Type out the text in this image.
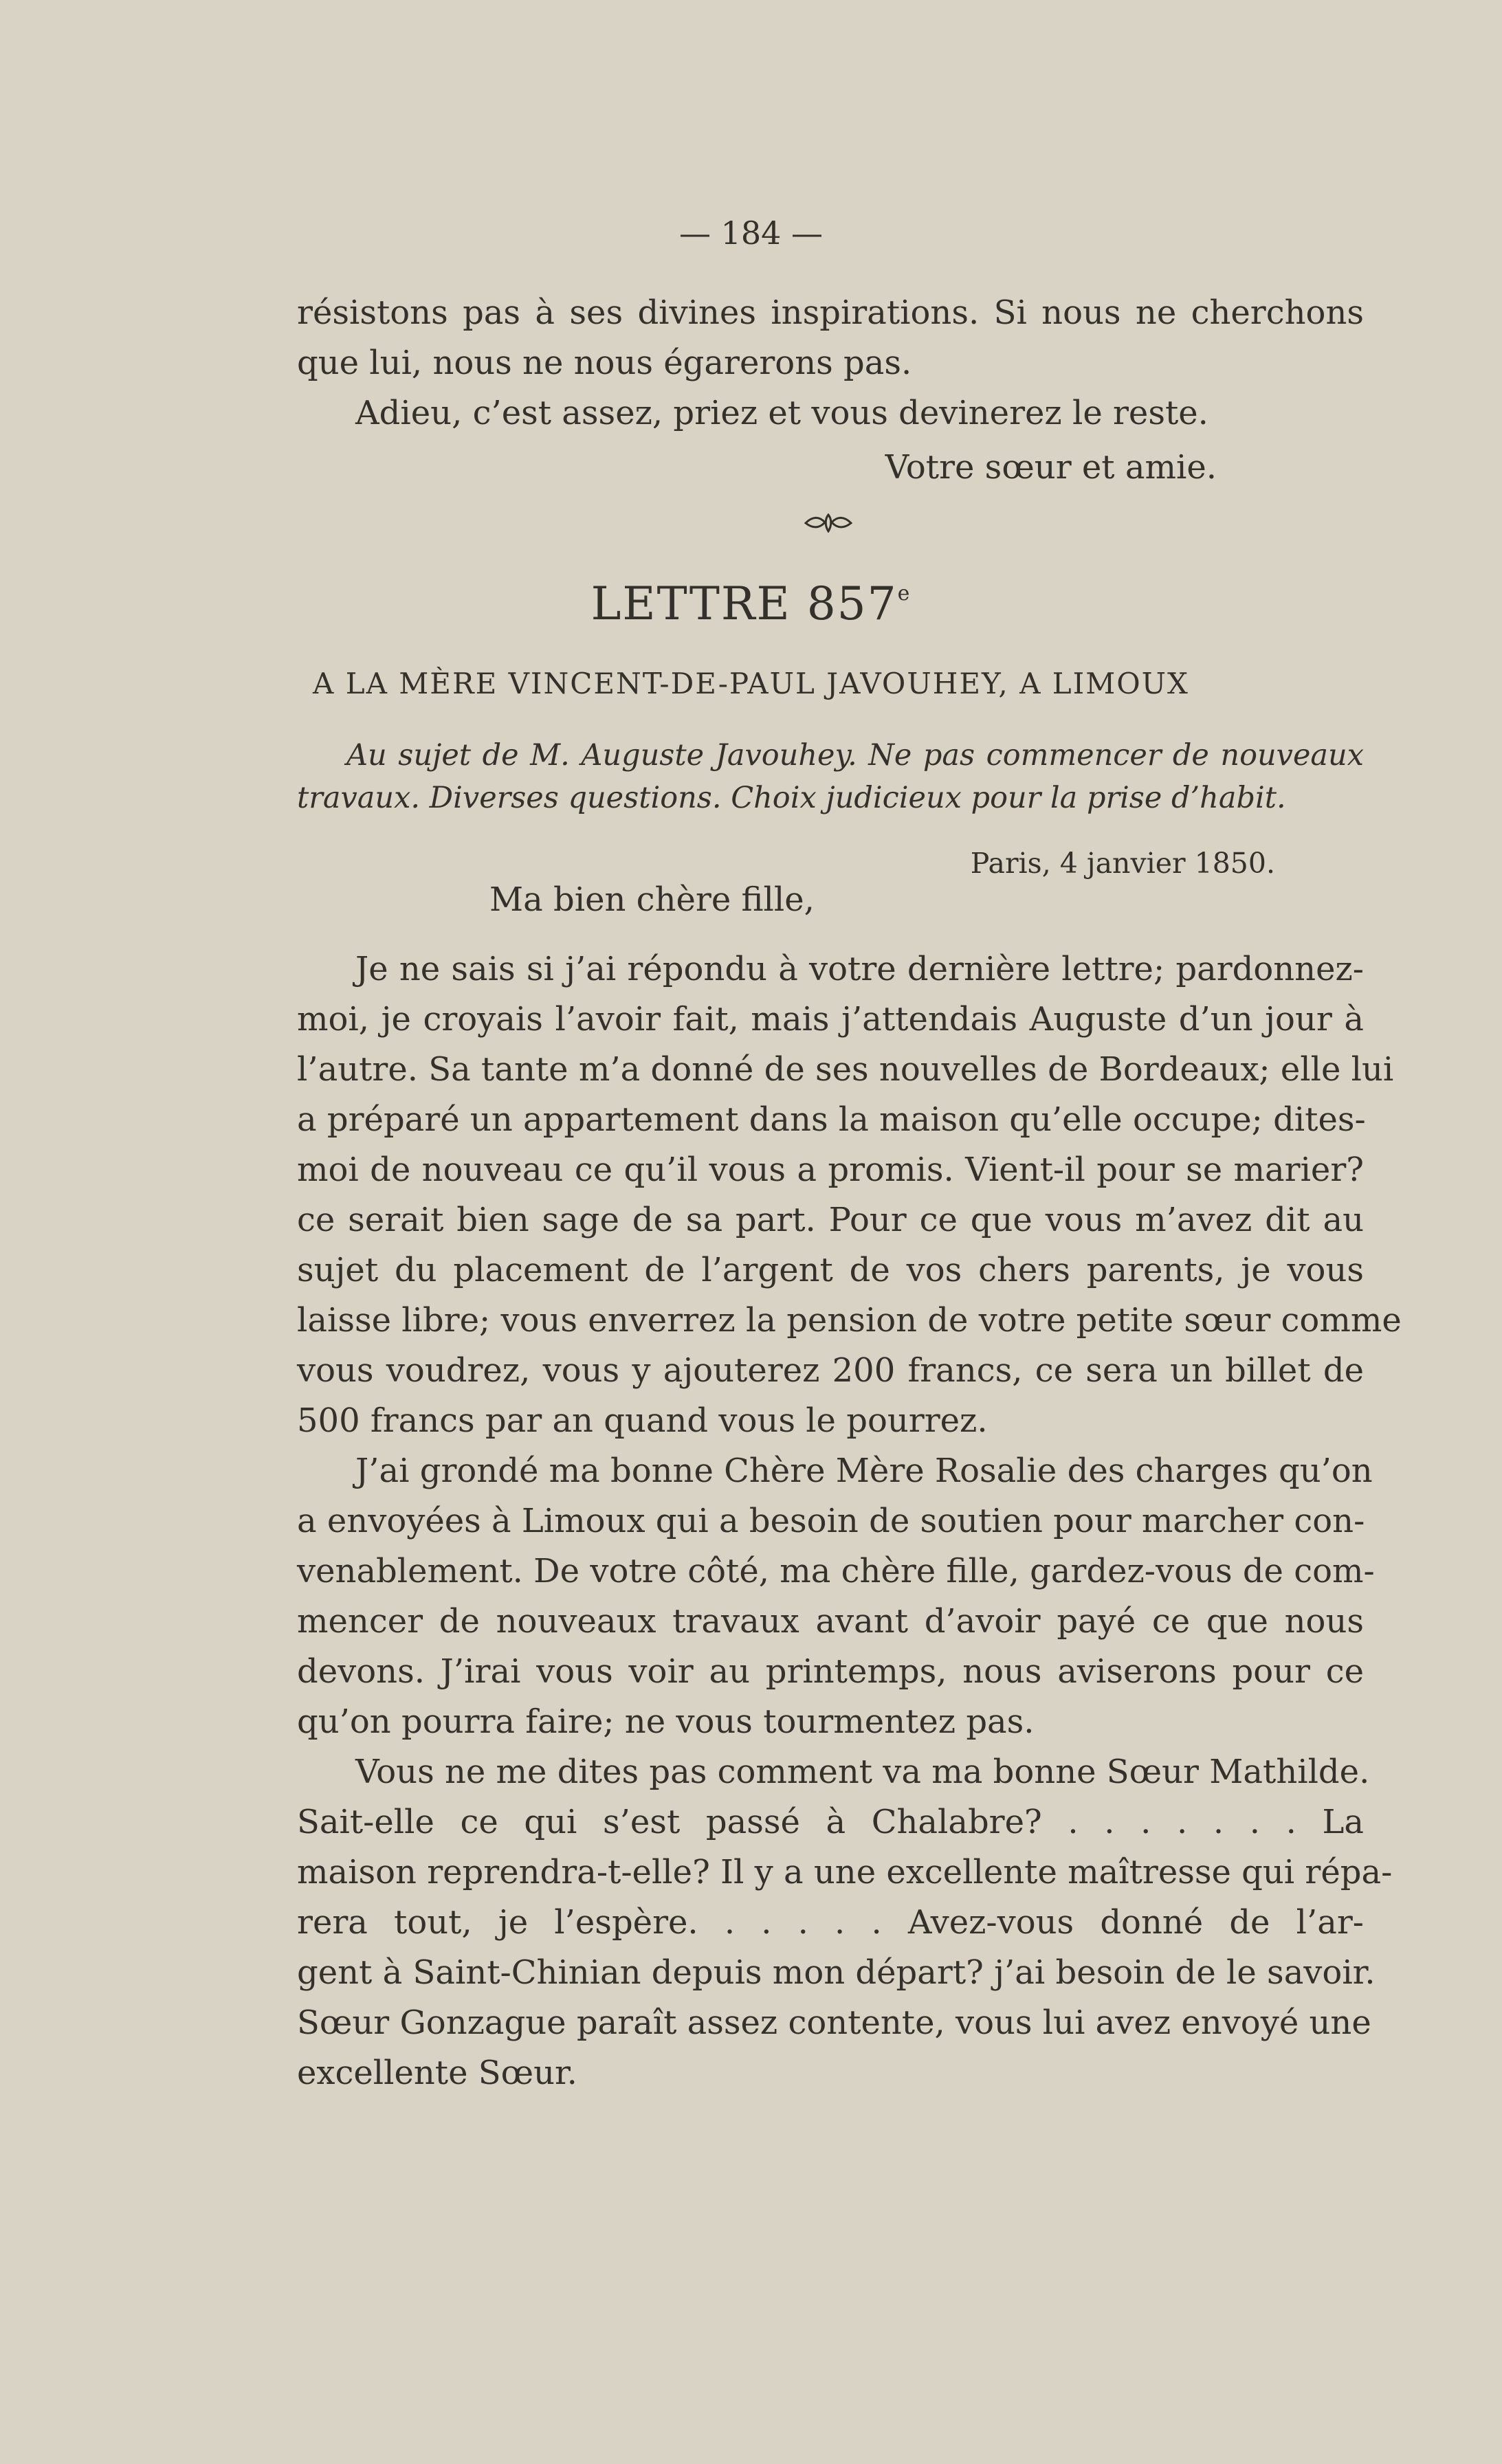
— 184 —
résistons pas à ses divines inspirations. Si nous ne cherchons
que lui, nous ne nous égarerons pas.
Adieu, c’est assez, priez et vous devinerez le reste.
Votre sœur et amie.
LETTRE 857e
A LA MÈRE VINCENT-DE-PAUL JAVOUHEY, A LIMOUX
Au sujet de M. Auguste Javouhey. Ne pas commencer de nouveaux
travaux. Diverses questions. Choix judicieux pour la prise d’habit.
Paris, 4 janvier 1850.
Ma bien chère fille,
Je ne sais si j’ai répondu à votre dernière lettre; pardonnez-
moi, je croyais l’avoir fait, mais j’attendais Auguste d’un jour à
l’autre. Sa tante m’a donné de ses nouvelles de Bordeaux; elle lui
a préparé un appartement dans la maison qu’elle occupe; dites-
moi de nouveau ce qu’il vous a promis. Vient-il pour se marier?
ce serait bien sage de sa part. Pour ce que vous m’avez dit au
sujet du placement de l’argent de vos chers parents, je vous
laisse libre; vous enverrez la pension de votre petite sœur comme
vous voudrez, vous y ajouterez 200 francs, ce sera un billet de
500 francs par an quand vous le pourrez.
J’ai grondé ma bonne Chère Mère Rosalie des charges qu’on
a envoyées à Limoux qui a besoin de soutien pour marcher con-
venablement. De votre côté, ma chère fille, gardez-vous de com-
mencer de nouveaux travaux avant d’avoir payé ce que nous
devons. J’irai vous voir au printemps, nous aviserons pour ce
qu’on pourra faire; ne vous tourmentez pas.
Vous ne me dites pas comment va ma bonne Sœur Mathilde.
Sait-elle ce qui s’est passé à Chalabre? . . . . . . . La
maison reprendra-t-elle? Il y a une excellente maîtresse qui répa-
rera tout, je l’espère. . . . . . Avez-vous donné de l’ar-
gent à Saint-Chinian depuis mon départ? j’ai besoin de le savoir.
Sœur Gonzague paraît assez contente, vous lui avez envoyé une
excellente Sœur.
